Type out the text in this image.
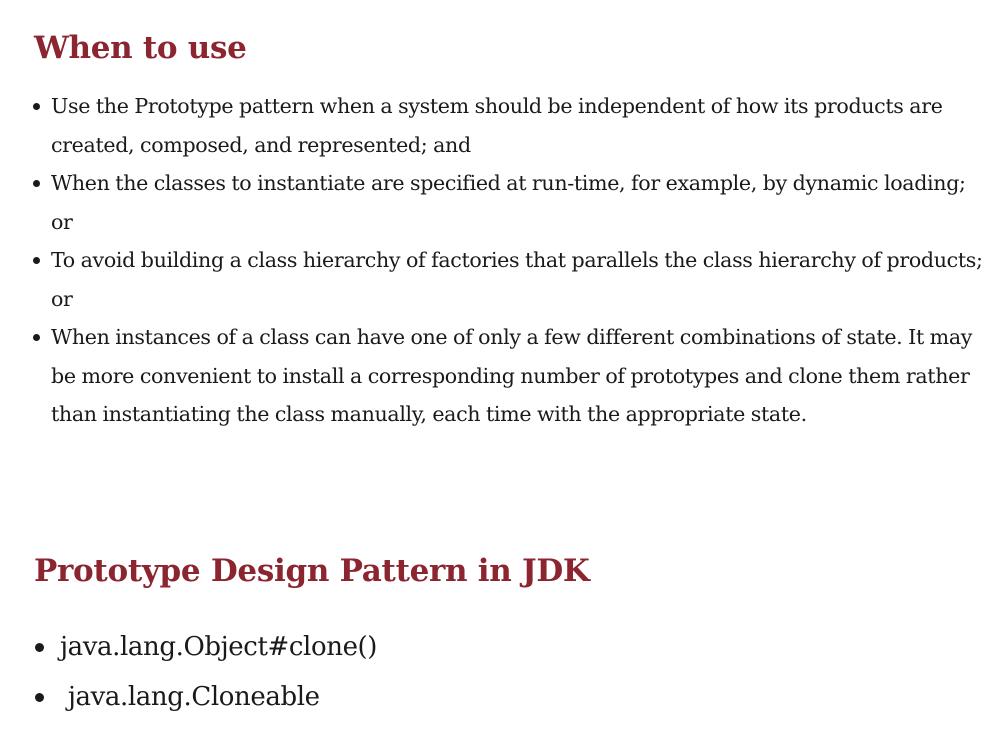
When to use
Use the Prototype pattern when a system should be independent of how its products are created, composed, and represented; and
When the classes to instantiate are specified at run-time, for example, by dynamic loading; or
To avoid building a class hierarchy of factories that parallels the class hierarchy of products; or
When instances of a class can have one of only a few different combinations of state. It may be more convenient to install a corresponding number of prototypes and clone them rather than instantiating the class manually, each time with the appropriate state.
Prototype Design Pattern in JDK
java.lang.Object#clone()
java.lang.Cloneable
